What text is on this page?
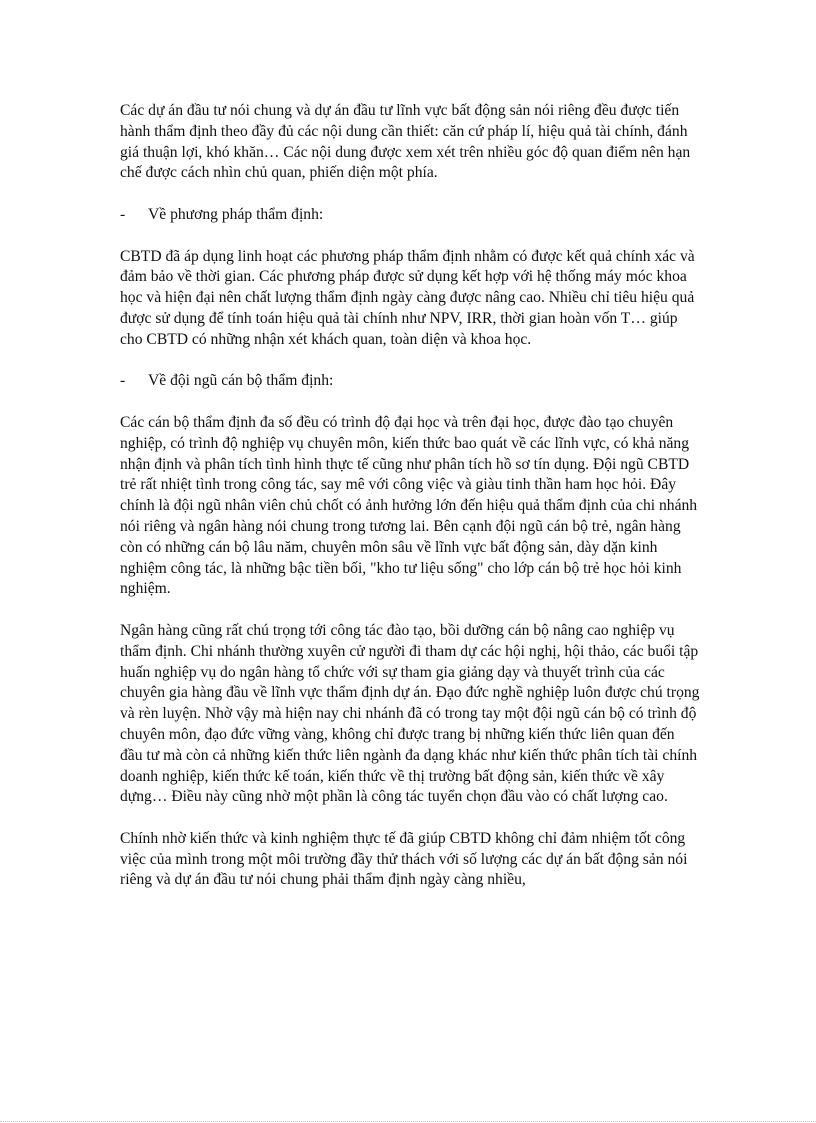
Các dự án đầu tư nói chung và dự án đầu tư lĩnh vực bất động sản nói riêng đều được tiến hành thẩm định theo đầy đủ các nội dung cần thiết: căn cứ pháp lí, hiệu quả tài chính, đánh giá thuận lợi, khó khăn… Các nội dung được xem xét trên nhiều góc độ quan điểm nên hạn chế được cách nhìn chủ quan, phiến diện một phía.

-	Về phương pháp thẩm định:

CBTD đã áp dụng linh hoạt các phương pháp thẩm định nhằm có được kết quả chính xác và đảm bảo về thời gian. Các phương pháp được sử dụng kết hợp với hệ thống máy móc khoa học và hiện đại nên chất lượng thẩm định ngày càng được nâng cao. Nhiều chỉ tiêu hiệu quả được sử dụng để tính toán hiệu quả tài chính như NPV, IRR, thời gian hoàn vốn T… giúp cho CBTD có những nhận xét khách quan, toàn diện và khoa học.

-	Về đội ngũ cán bộ thẩm định:

Các cán bộ thẩm định đa số đều có trình độ đại học và trên đại học, được đào tạo chuyên nghiệp, có trình độ nghiệp vụ chuyên môn, kiến thức bao quát về các lĩnh vực, có khả năng nhận định và phân tích tình hình thực tế cũng như phân tích hồ sơ tín dụng. Đội ngũ CBTD trẻ rất nhiệt tình trong công tác, say mê với công việc và giàu tinh thần ham học hỏi. Đây chính là đội ngũ nhân viên chủ chốt có ảnh hưởng lớn đến hiệu quả thẩm định của chi nhánh nói riêng và ngân hàng nói chung trong tương lai. Bên cạnh đội ngũ cán bộ trẻ, ngân hàng còn có những cán bộ lâu năm, chuyên môn sâu về lĩnh vực bất động sản, dày dặn kinh nghiệm công tác, là những bậc tiền bối, "kho tư liệu sống" cho lớp cán bộ trẻ học hỏi kinh nghiệm.

Ngân hàng cũng rất chú trọng tới công tác đào tạo, bồi dưỡng cán bộ nâng cao nghiệp vụ thẩm định. Chi nhánh thường xuyên cử người đi tham dự các hội nghị, hội thảo, các buổi tập huấn nghiệp vụ do ngân hàng tổ chức với sự tham gia giảng dạy và thuyết trình của các chuyên gia hàng đầu về lĩnh vực thẩm định dự án. Đạo đức nghề nghiệp luôn được chú trọng và rèn luyện. Nhờ vậy mà hiện nay chi nhánh đã có trong tay một đội ngũ cán bộ có trình độ chuyên môn, đạo đức vững vàng, không chỉ được trang bị những kiến thức liên quan đến đầu tư mà còn cả những kiến thức liên ngành đa dạng khác như kiến thức phân tích tài chính doanh nghiệp, kiến thức kế toán, kiến thức về thị trường bất động sản, kiến thức về xây dựng… Điều này cũng nhờ một phần là công tác tuyển chọn đầu vào có chất lượng cao.

Chính nhờ kiến thức và kinh nghiệm thực tế đã giúp CBTD không chỉ đảm nhiệm tốt công việc của mình trong một môi trường đầy thử thách với số lượng các dự án bất động sản nói riêng và dự án đầu tư nói chung phải thẩm định ngày càng nhiều,
